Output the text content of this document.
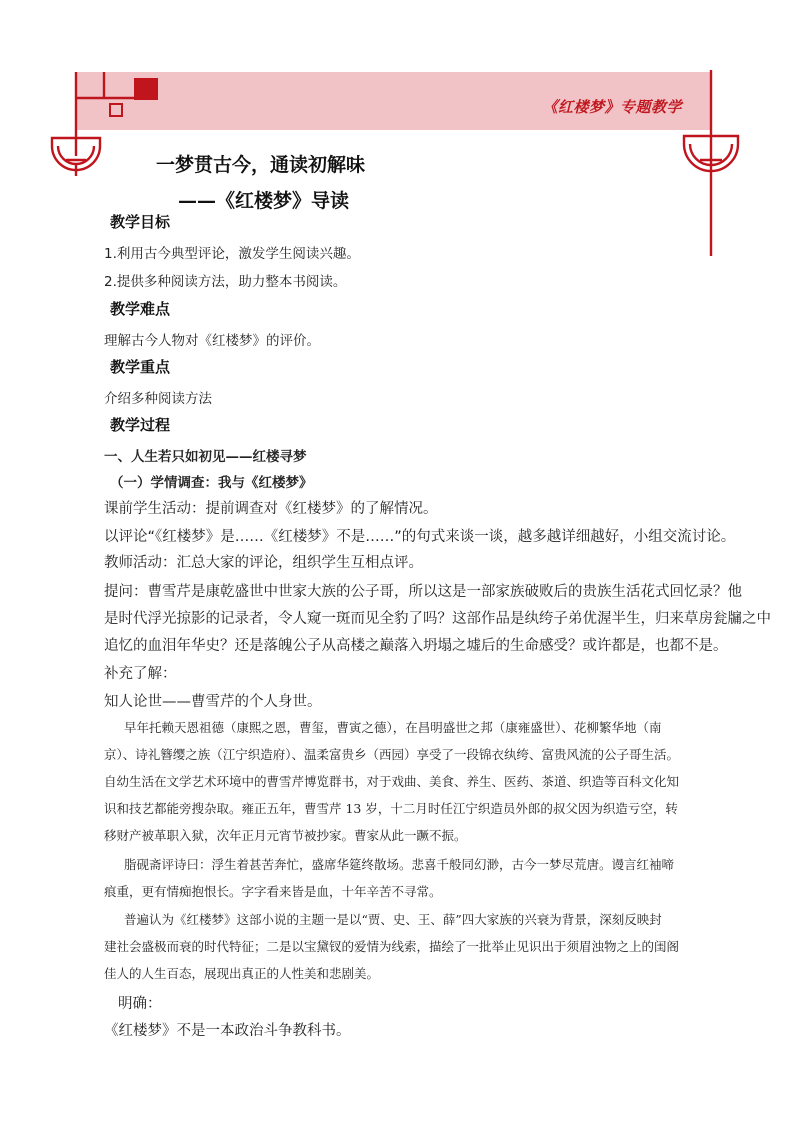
《红楼梦》专题教学
一梦贯古今，通读初解味
——《红楼梦》导读
教学目标
1.利用古今典型评论，激发学生阅读兴趣。
2.提供多种阅读方法，助力整本书阅读。
教学难点
理解古今人物对《红楼梦》的评价。
教学重点
介绍多种阅读方法
教学过程
一、人生若只如初见——红楼寻梦
（一）学情调查：我与《红楼梦》
课前学生活动：提前调查对《红楼梦》的了解情况。
以评论“《红楼梦》是……《红楼梦》不是……”的句式来谈一谈，越多越详细越好，小组交流讨论。
教师活动：汇总大家的评论，组织学生互相点评。
提问：曹雪芹是康乾盛世中世家大族的公子哥，所以这是一部家族破败后的贵族生活花式回忆录？他
是时代浮光掠影的记录者，令人窥一斑而见全豹了吗？这部作品是纨绔子弟优渥半生，归来草房瓮牖之中
追忆的血泪年华史？还是落魄公子从高楼之巅落入坍塌之墟后的生命感受？或许都是，也都不是。
补充了解：
知人论世——曹雪芹的个人身世。
早年托赖天恩祖德（康熙之恩，曹玺，曹寅之德），在昌明盛世之邦（康雍盛世）、花柳繁华地（南
京）、诗礼簪缨之族（江宁织造府）、温柔富贵乡（西园）享受了一段锦衣纨绔、富贵风流的公子哥生活。
自幼生活在文学艺术环境中的曹雪芹博览群书，对于戏曲、美食、养生、医药、茶道、织造等百科文化知
识和技艺都能旁搜杂取。雍正五年，曹雪芹 13 岁，十二月时任江宁织造员外郎的叔父因为织造亏空，转
移财产被革职入狱，次年正月元宵节被抄家。曹家从此一蹶不振。
脂砚斋评诗曰：浮生着甚苦奔忙，盛席华筵终散场。悲喜千般同幻渺，古今一梦尽荒唐。谩言红袖啼
痕重，更有情痴抱恨长。字字看来皆是血，十年辛苦不寻常。
普遍认为《红楼梦》这部小说的主题一是以“贾、史、王、薛”四大家族的兴衰为背景，深刻反映封
建社会盛极而衰的时代特征；二是以宝黛钗的爱情为线索，描绘了一批举止见识出于须眉浊物之上的闺阁
佳人的人生百态，展现出真正的人性美和悲剧美。
明确：
《红楼梦》不是一本政治斗争教科书。
